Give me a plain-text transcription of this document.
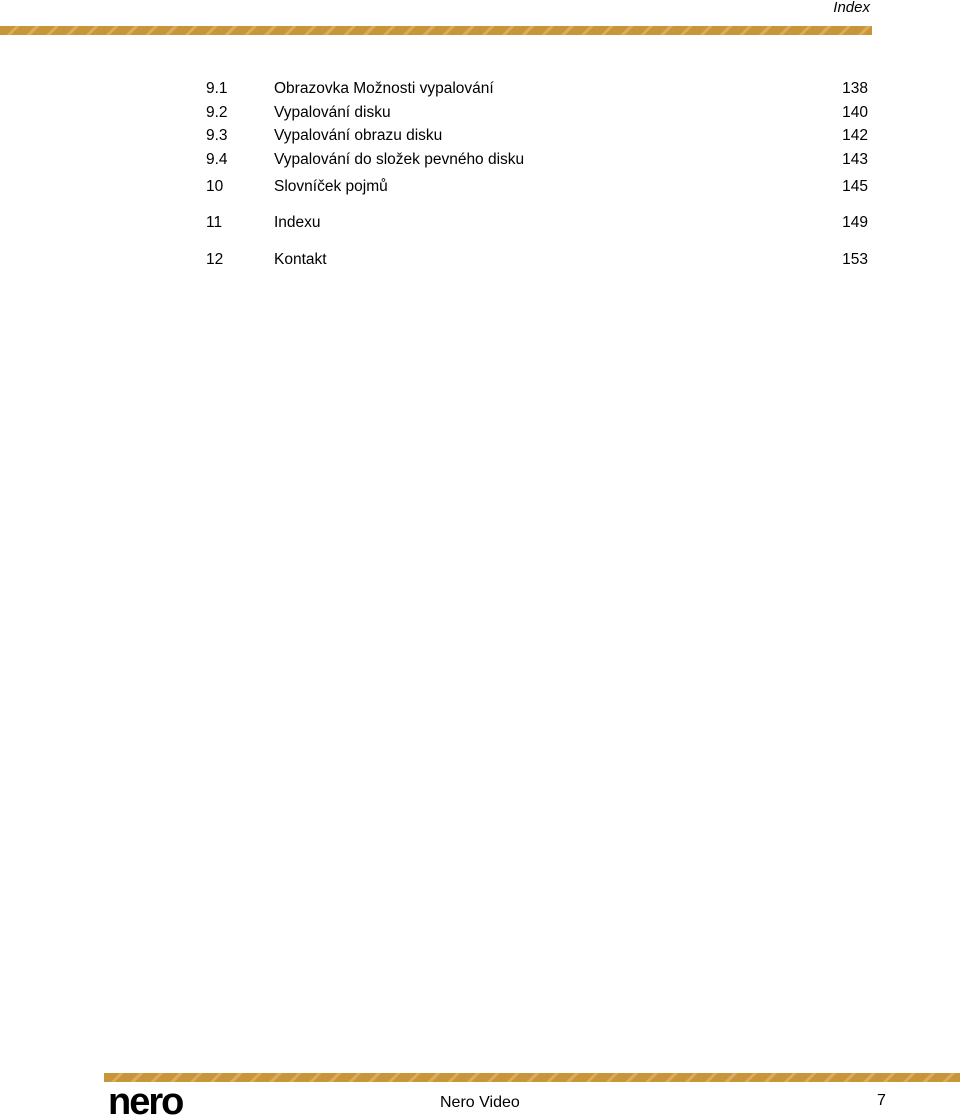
Index
9.1	Obrazovka Možnosti vypalování	138
9.2	Vypalování disku	140
9.3	Vypalování obrazu disku	142
9.4	Vypalování do složek pevného disku	143
10	Slovníček pojmů	145
11	Indexu	149
12	Kontakt	153
nero	Nero Video	7
